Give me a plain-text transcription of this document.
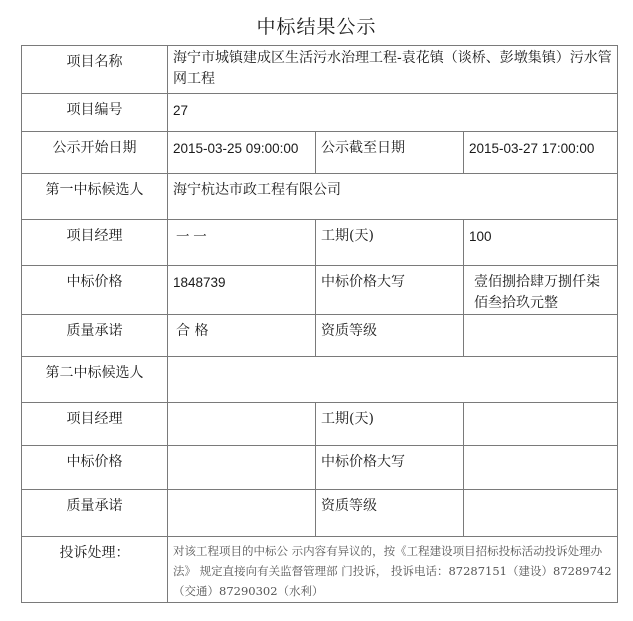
中标结果公示
项目名称	海宁市城镇建成区生活污水治理工程-袁花镇（谈桥、彭墩集镇）污水管网工程		
项目编号	27		
公示开始日期	2015-03-25 09:00:00	公示截至日期	2015-03-27 17:00:00
第一中标候选人	海宁杭达市政工程有限公司		
项目经理	一 一	工期(天)	100
中标价格	1848739	中标价格大写	壹佰捌拾肆万捌仟柒佰叁拾玖元整
质量承诺	合 格	资质等级	
第二中标候选人			
项目经理		工期(天)	
中标价格		中标价格大写	
质量承诺		资质等级	
投诉处理：	对该工程项目的中标公 示内容有异议的，按《工程建设项目招标投标活动投诉处理办法》 规定直接向有关监督管理部 门投诉， 投诉电话：87287151（建设）87289742（交通）87290302（水利）		
